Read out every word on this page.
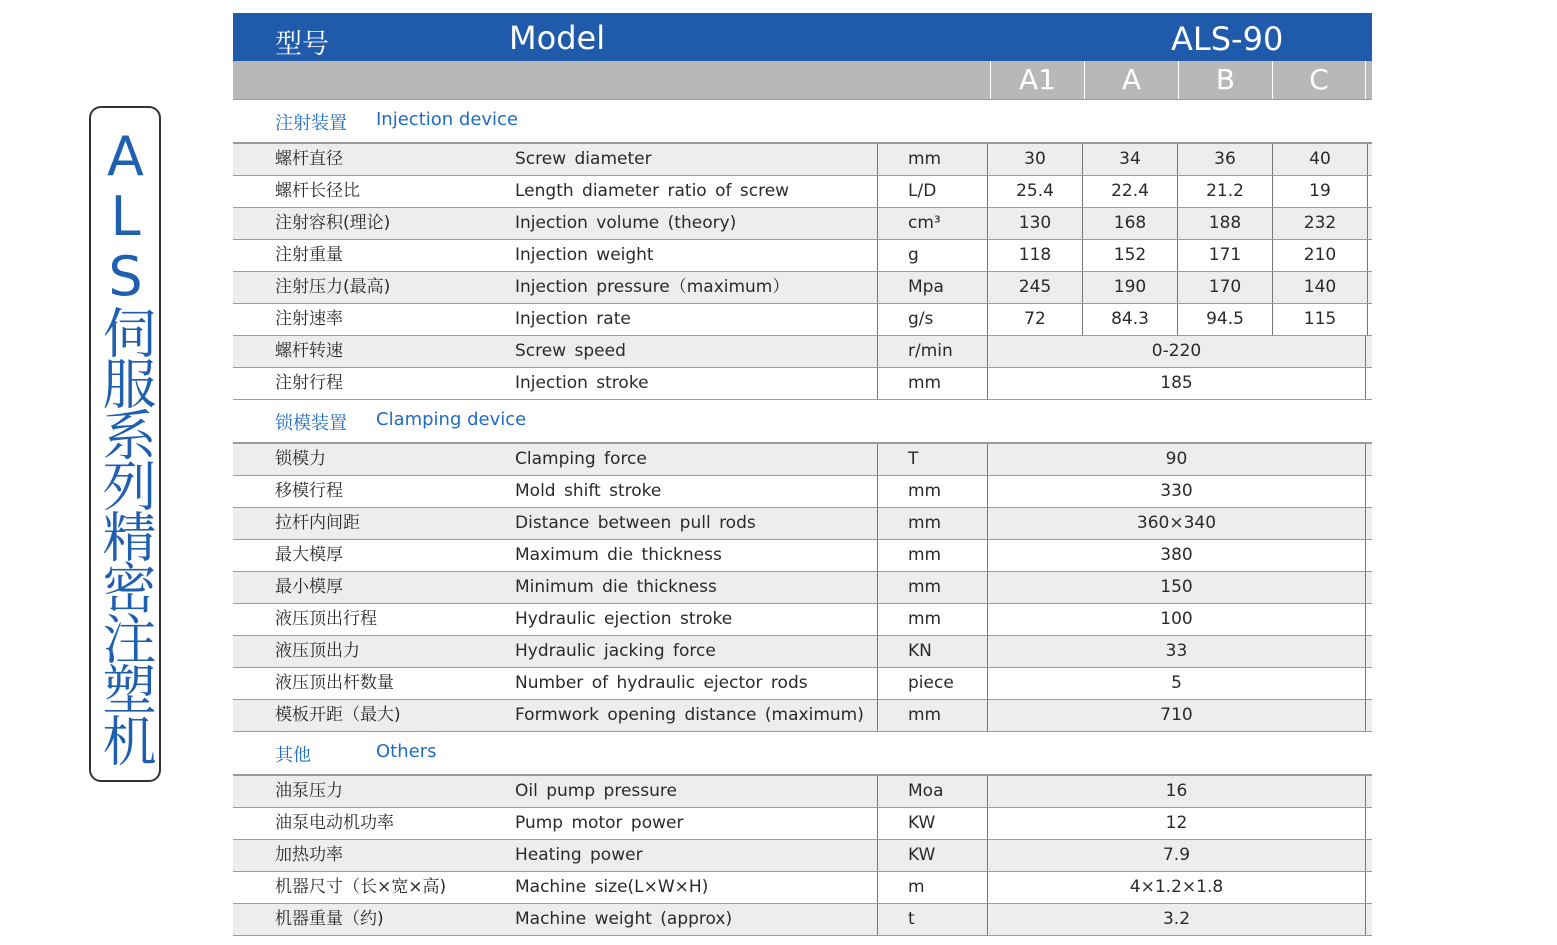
ALS伺服系列精密注塑机
型号	Model	ALS-90
A1	A	B	C
注射装置 Injection device
螺杆直径	Screw diameter	mm	30	34	36	40
螺杆长径比	Length diameter ratio of screw	L/D	25.4	22.4	21.2	19
注射容积(理论)	Injection volume (theory)	cm³	130	168	188	232
注射重量	Injection weight	g	118	152	171	210
注射压力(最高)	Injection pressure（maximum）	Mpa	245	190	170	140
注射速率	Injection rate	g/s	72	84.3	94.5	115
螺杆转速	Screw speed	r/min	0-220
注射行程	Injection stroke	mm	185
锁模装置 Clamping device
锁模力	Clamping force	T	90
移模行程	Mold shift stroke	mm	330
拉杆内间距	Distance between pull rods	mm	360×340
最大模厚	Maximum die thickness	mm	380
最小模厚	Minimum die thickness	mm	150
液压顶出行程	Hydraulic ejection stroke	mm	100
液压顶出力	Hydraulic jacking force	KN	33
液压顶出杆数量	Number of hydraulic ejector rods	piece	5
模板开距（最大)	Formwork opening distance (maximum)	mm	710
其他	Others
油泵压力	Oil pump pressure	Moa	16
油泵电动机功率	Pump motor power	KW	12
加热功率	Heating power	KW	7.9
机器尺寸（长×宽×高)	Machine size(L×W×H)	m	4×1.2×1.8
机器重量（约)	Machine weight (approx)	t	3.2
